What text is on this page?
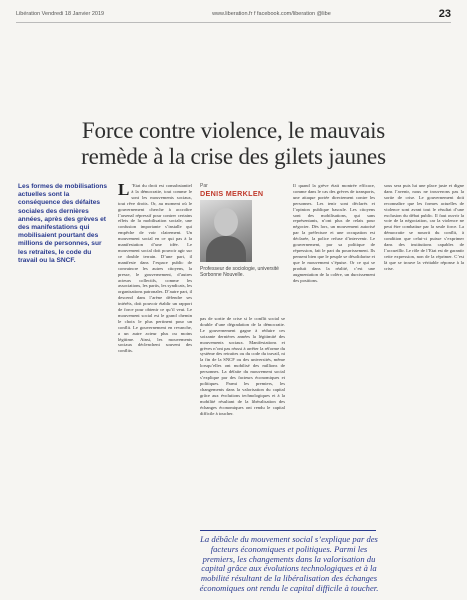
Libération Vendredi 18 Janvier 2019	www.liberation.fr f facebook.com/liberation @libe	23
Force contre violence, le mauvais
remède à la crise des gilets jaunes
Les formes de mobilisations actuelles sont la conséquence des défaites sociales des dernières années, après des grèves et des manifestations qui mobilisaient pourtant des millions de personnes, sur les retraites, le code du travail ou la SNCF.
L ’Etat du droit est consubstantiel à la démocratie, tout comme le sont les mouvements sociaux, tout rêve droits. Or, au moment où le gouvernement cherche à accroître l’arsenal répressif pour contrer certains effets de la mobilisation sociale, une confusion importante s’installe qui empêche de voir clairement. Un mouvement social en ce qui pas à la manifestation d’une idée. Le mouvement social doit pouvoir agir sur ce double terrain. D’une part, il manifeste dans l’espace public de convaincre les autres citoyens, la presse, le gouvernement, d’autres acteurs collectifs, comme les associations, les partis, les syndicats, les organisations patronales. D’autre part, il descend dans l’arène défendre ses intérêts, doit pouvoir établir un rapport de force pour obtenir ce qu’il veut. Le mouvement social est le grand chemin le choix le plus pertinent pour un conflit. Le gouvernement en revanche, a un autre acteur plus ou moins légitime. Ainsi, les mouvements sociaux déclenchent souvent des conflits.
Par
DENIS MERKLEN
Professeur de sociologie, université Sorbonne Nouvelle.
pas de sortie de crise si le conflit social se double d’une dégradation de la démocratie. Le gouvernement gagne à réduire ces soixante dernières années la légitimité des mouvements sociaux. Manifestations et grèves n’ont pas réussi à arrêter la réforme du système des retraites ou du code du travail, ni la fin de la SNCF ou des universités, même lorsqu’elles ont mobilisé des millions de personnes. La défaite du mouvement social s’explique par des facteurs économiques et politiques. Parmi les premiers, les changements dans la valorisation du capital grâce aux évolutions technologiques et à la mobilité résultant de la libéralisation des échanges économiques ont rendu le capital difficile à toucher.
Il quand la grève était montrée efficace, comme dans le cas des grèves de transports, une attaque portée directement contre les personnes. Les tenir sont déclarés et l’opinion publique bascule. Les citoyens sont des mobilisations, qui sans représentants, n’ont plus de relais pour négocier. Dès lors, un mouvement autorisé par la préfecture et une occupation est déclarée, la police refuse d’intervenir. Le gouvernement, par sa politique de répression, fait le pari du pourrissement. Ils pensent bien que le peuple se désolidarise et que le mouvement s’épuise. Or ce qui se produit dans la réalité, c’est une augmentation de la colère, un durcissement des positions.
sous sera puis lui une place juste et digne dans l’avenir, nous ne trouverons pas la sortie de crise. Le gouvernement doit reconnaître que les formes actuelles de violence sont avant tout le résultat d’une exclusion du débat public. Il faut ouvrir la voie de la négociation, car la violence ne peut être combattue par la seule force. La démocratie se nourrit du conflit, à condition que celui-ci puisse s’exprimer dans des institutions capables de l’accueillir. Le rôle de l’Etat est de garantir cette expression, non de la réprimer. C’est là que se trouve la véritable réponse à la crise.
La débâcle du mouvement social s’explique par des facteurs économiques et politiques. Parmi les premiers, les changements dans la valorisation du capital grâce aux évolutions technologiques et à la mobilité résultant de la libéralisation des échanges économiques ont rendu le capital difficile à toucher.
